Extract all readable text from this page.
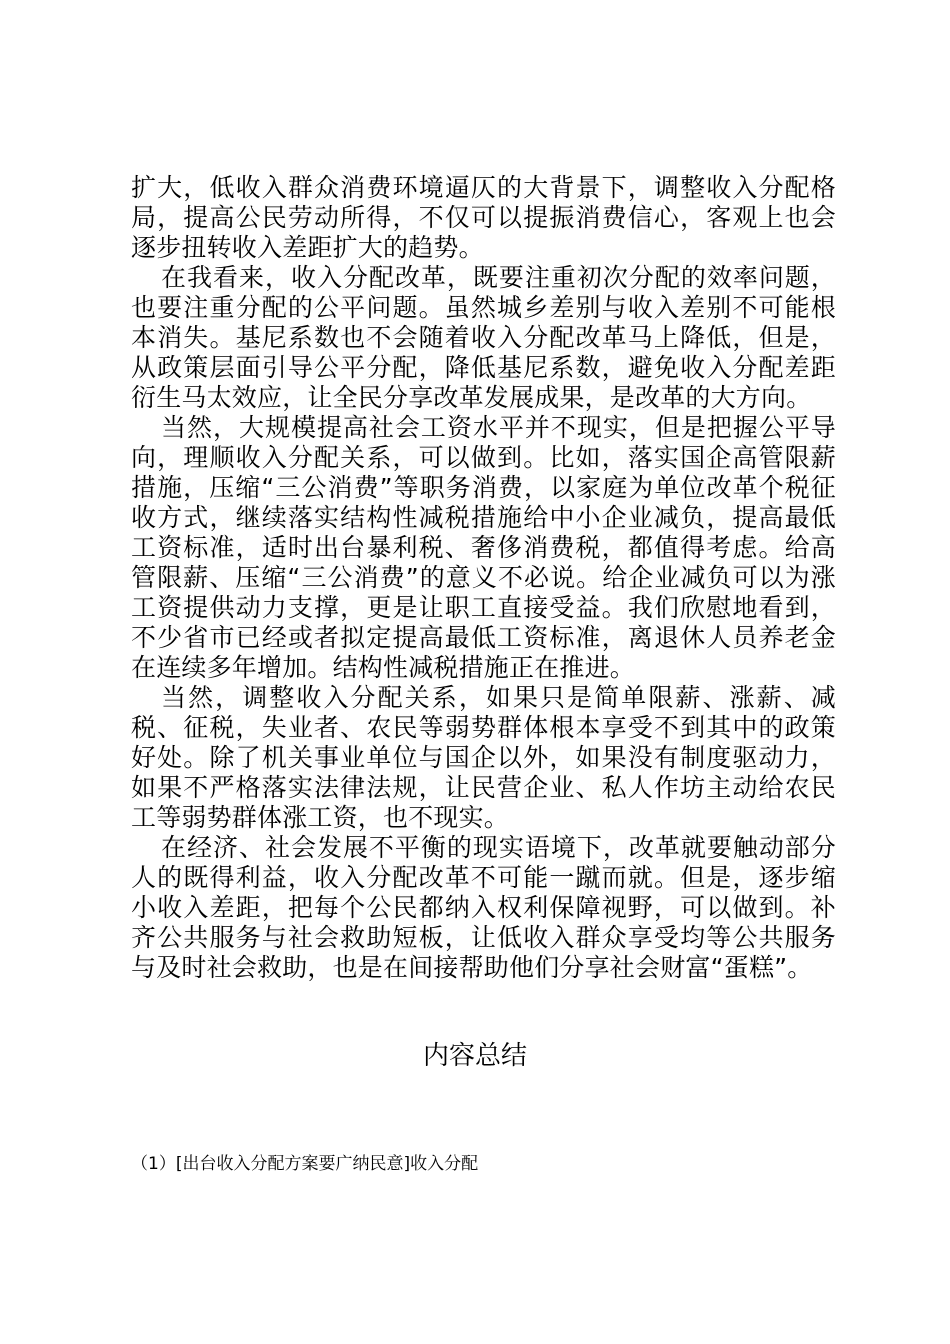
扩大，低收入群众消费环境逼仄的大背景下，调整收入分配格局，提高公民劳动所得，不仅可以提振消费信心，客观上也会逐步扭转收入差距扩大的趋势。

在我看来，收入分配改革，既要注重初次分配的效率问题，也要注重分配的公平问题。虽然城乡差别与收入差别不可能根本消失。基尼系数也不会随着收入分配改革马上降低，但是，从政策层面引导公平分配，降低基尼系数，避免收入分配差距衍生马太效应，让全民分享改革发展成果，是改革的大方向。

当然，大规模提高社会工资水平并不现实，但是把握公平导向，理顺收入分配关系，可以做到。比如，落实国企高管限薪措施，压缩“三公消费”等职务消费，以家庭为单位改革个税征收方式，继续落实结构性减税措施给中小企业减负，提高最低工资标准，适时出台暴利税、奢侈消费税，都值得考虑。给高管限薪、压缩“三公消费”的意义不必说。给企业减负可以为涨工资提供动力支撑，更是让职工直接受益。我们欣慰地看到，不少省市已经或者拟定提高最低工资标准，离退休人员养老金在连续多年增加。结构性减税措施正在推进。

当然，调整收入分配关系，如果只是简单限薪、涨薪、减税、征税，失业者、农民等弱势群体根本享受不到其中的政策好处。除了机关事业单位与国企以外，如果没有制度驱动力，如果不严格落实法律法规，让民营企业、私人作坊主动给农民工等弱势群体涨工资，也不现实。

在经济、社会发展不平衡的现实语境下，改革就要触动部分人的既得利益，收入分配改革不可能一蹴而就。但是，逐步缩小收入差距，把每个公民都纳入权利保障视野，可以做到。补齐公共服务与社会救助短板，让低收入群众享受均等公共服务与及时社会救助，也是在间接帮助他们分享社会财富“蛋糕”。

内容总结

（1）[出台收入分配方案要广纳民意]收入分配
